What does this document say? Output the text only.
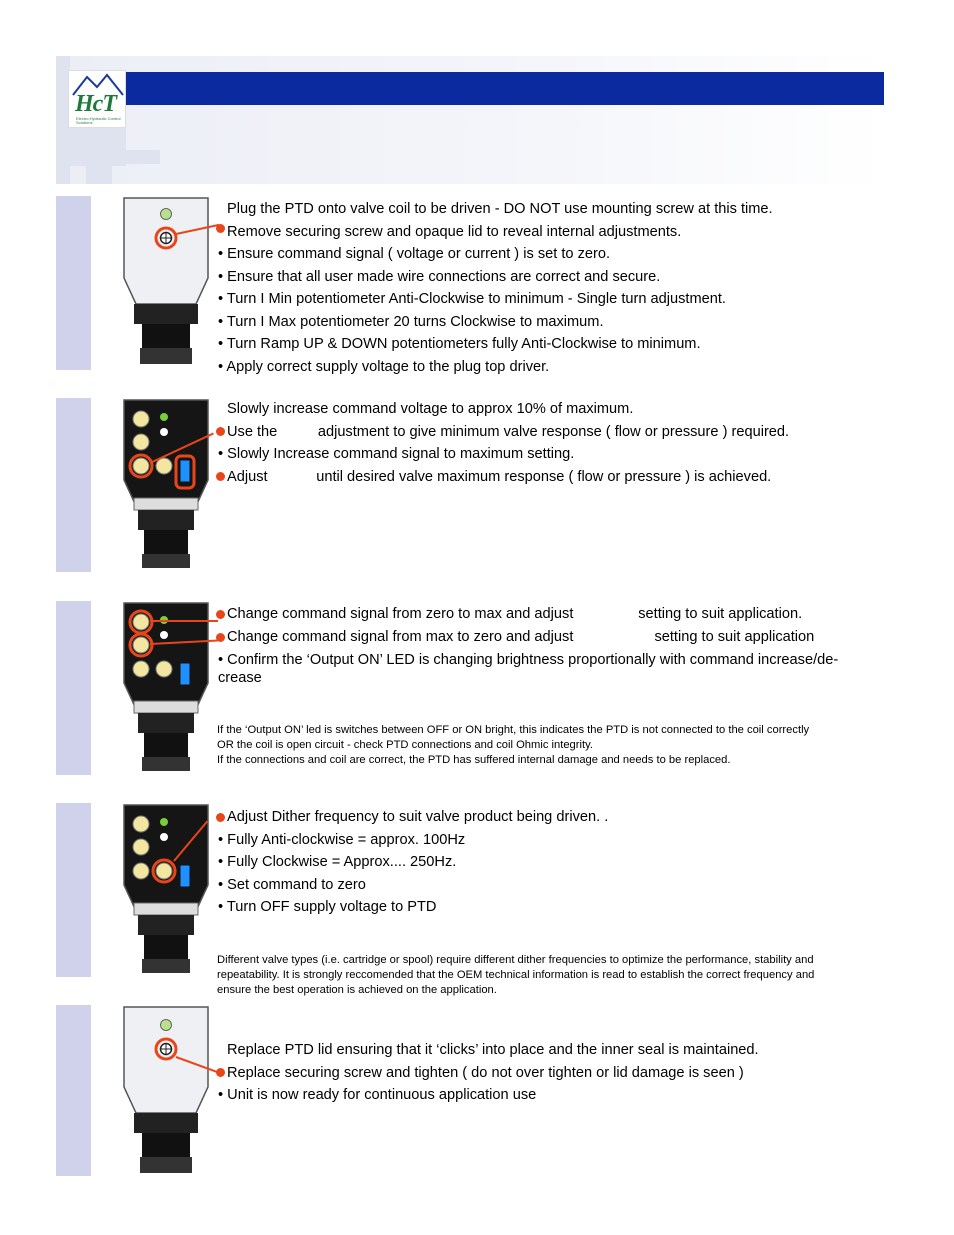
HcT
Electro-Hydraulic Control Solutions
Plug the PTD onto valve coil to be driven - DO NOT use mounting screw at this time.
Remove securing screw and opaque lid to reveal internal adjustments.
• Ensure command signal ( voltage or current ) is set to zero.
• Ensure that all user made wire connections are correct and secure.
• Turn I Min potentiometer Anti-Clockwise to minimum - Single turn adjustment.
• Turn I Max potentiometer 20 turns Clockwise to maximum.
• Turn Ramp UP & DOWN potentiometers fully Anti-Clockwise to minimum.
• Apply correct supply voltage to the plug top driver.
Slowly increase command voltage to approx 10% of maximum.
Use the          adjustment to give minimum valve response ( flow or pressure ) required.
• Slowly Increase command signal to maximum setting.
Adjust            until desired valve maximum response ( flow or pressure ) is achieved.
Change command signal from zero to max and adjust                setting to suit application.
Change command signal from max to zero and adjust                    setting to suit application
• Confirm the ‘Output ON’ LED is changing brightness proportionally with command increase/de-
crease
If the ‘Output ON’ led is switches between OFF or ON bright, this indicates the PTD is not connected to the coil correctly
OR the coil is open circuit - check PTD connections and coil Ohmic integrity.
If the connections and coil are correct, the PTD has suffered internal damage and needs to be replaced.
Adjust Dither frequency to suit valve product being driven. .
• Fully Anti-clockwise = approx. 100Hz
• Fully Clockwise = Approx.... 250Hz.
• Set command to zero
• Turn OFF supply voltage to PTD
Different valve types (i.e. cartridge or spool) require different dither frequencies to optimize the performance, stability and
repeatability. It is strongly reccomended that the OEM technical information is read to establish the correct frequency and
ensure the best operation is achieved on the application.
Replace PTD lid ensuring that it ‘clicks’ into place and the inner seal is maintained.
Replace securing screw and tighten ( do not over tighten or lid damage is seen )
• Unit is now ready for continuous application use
